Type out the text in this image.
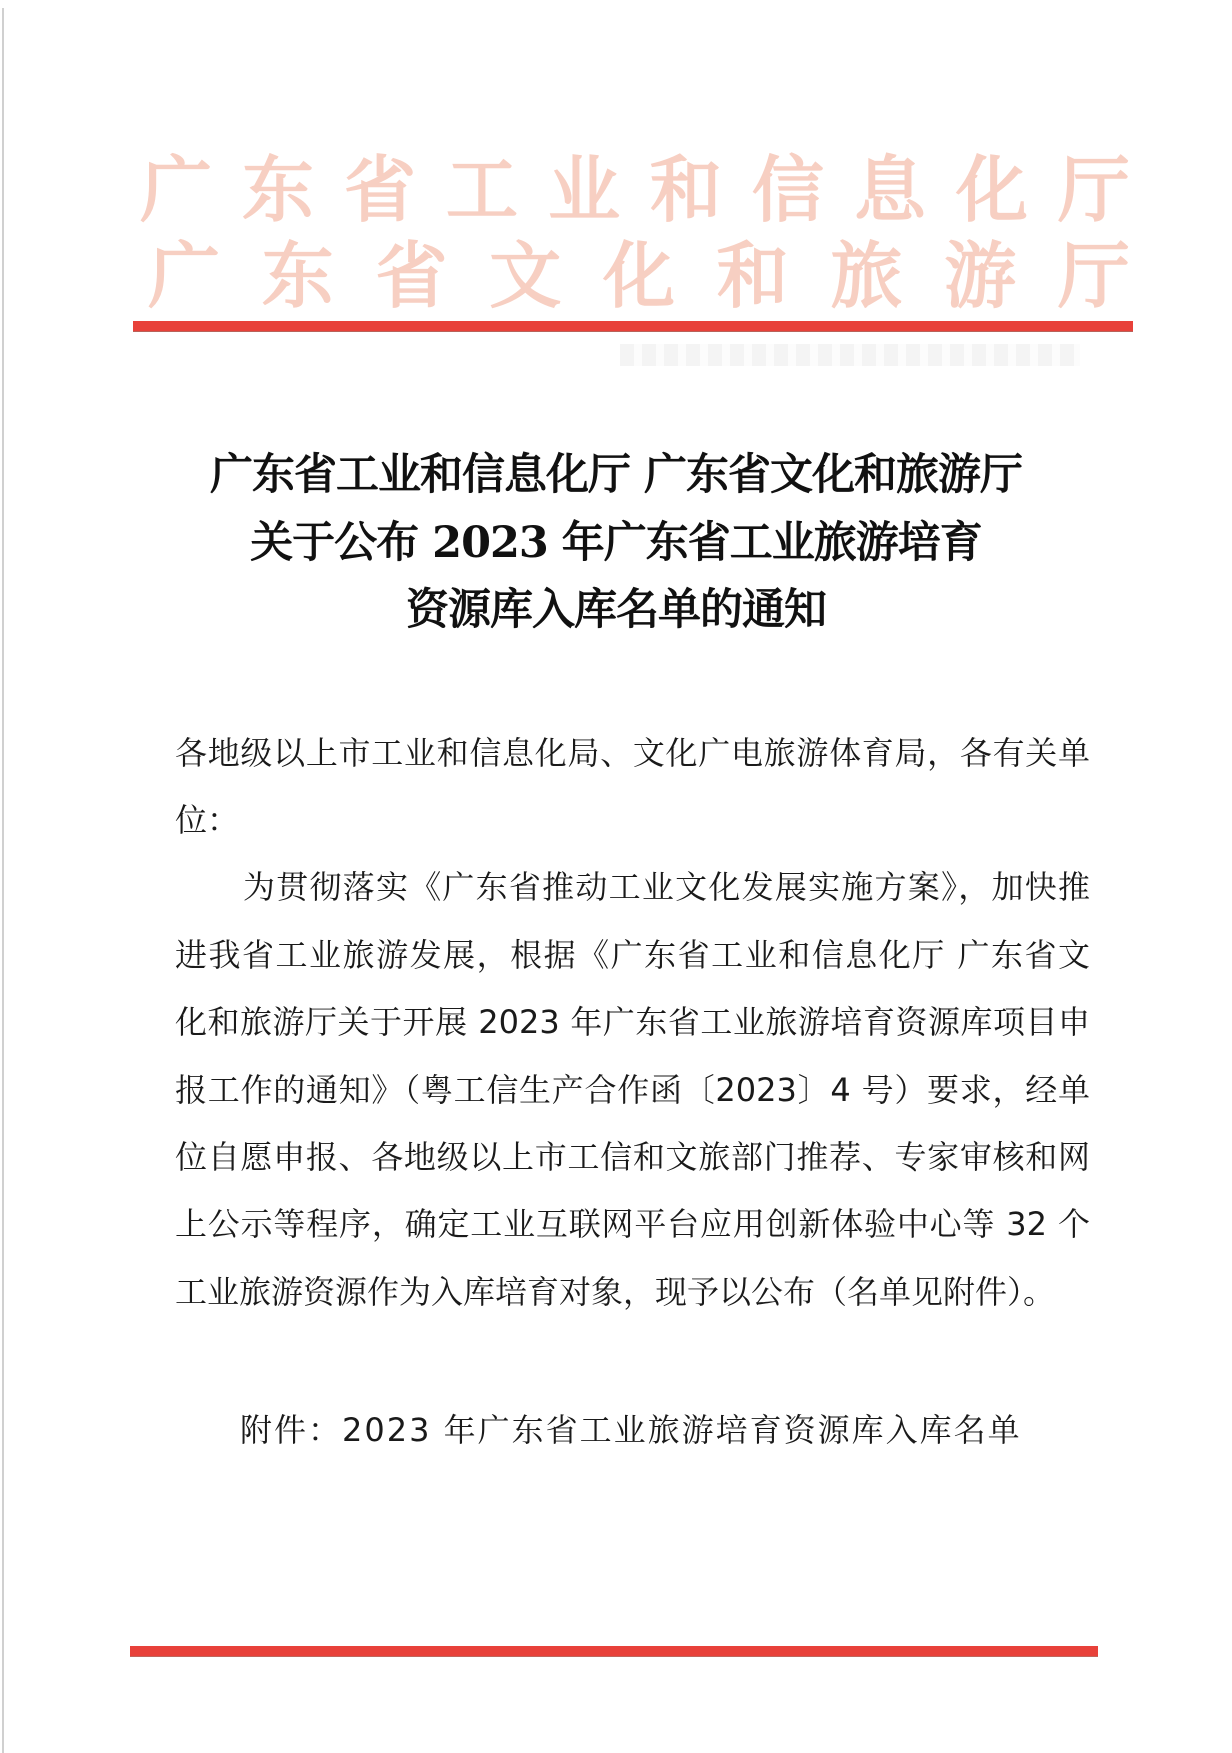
广 东 省 工 业 和 信 息 化 厅
广 东 省 文 化 和 旅 游 厅
广东省工业和信息化厅 广东省文化和旅游厅
关于公布 2023 年广东省工业旅游培育
资源库入库名单的通知
各地级以上市工业和信息化局、文化广电旅游体育局，各有关单
位：
为贯彻落实《广东省推动工业文化发展实施方案》，加快推
进我省工业旅游发展，根据《广东省工业和信息化厅 广东省文
化和旅游厅关于开展 2023 年广东省工业旅游培育资源库项目申
报工作的通知》（粤工信生产合作函〔2023〕4 号）要求，经单
位自愿申报、各地级以上市工信和文旅部门推荐、专家审核和网
上公示等程序，确定工业互联网平台应用创新体验中心等 32 个
工业旅游资源作为入库培育对象，现予以公布（名单见附件）。
附件：2023 年广东省工业旅游培育资源库入库名单
